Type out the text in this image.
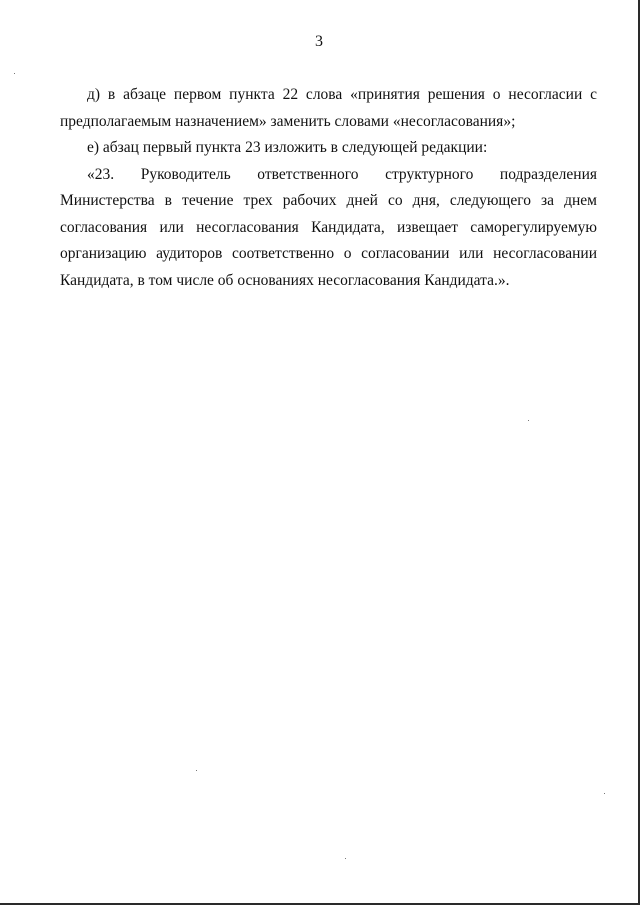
3

д) в абзаце первом пункта 22 слова «принятия решения о несогласии с предполагаемым назначением» заменить словами «несогласования»;

е) абзац первый пункта 23 изложить в следующей редакции:

«23. Руководитель ответственного структурного подразделения Министерства в течение трех рабочих дней со дня, следующего за днем согласования или несогласования Кандидата, извещает саморегулируемую организацию аудиторов соответственно о согласовании или несогласовании Кандидата, в том числе об основаниях несогласования Кандидата.».
